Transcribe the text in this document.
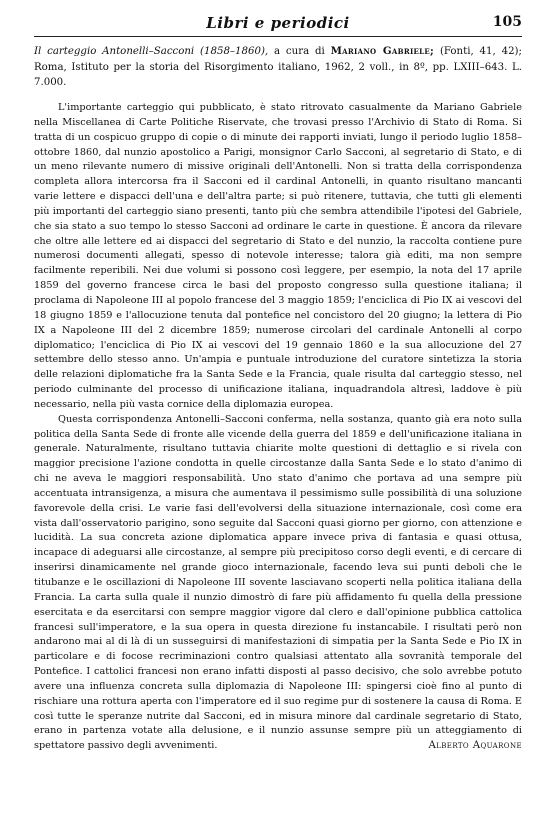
Libri e periodici	105
Il carteggio Antonelli–Sacconi (1858–1860), a cura di Mariano Gabriele; (Fonti, 41, 42); Roma, Istituto per la storia del Risorgimento italiano, 1962, 2 voll., in 8º, pp. LXIII–643. L. 7.000.

L'importante carteggio qui pubblicato, è stato ritrovato casualmente da Mariano Gabriele nella Miscellanea di Carte Politiche Riservate, che trovasi presso l'Archivio di Stato di Roma. Si tratta di un cospicuo gruppo di copie o di minute dei rapporti inviati, lungo il periodo luglio 1858–ottobre 1860, dal nunzio apostolico a Parigi, monsignor Carlo Sacconi, al segretario di Stato, e di un meno rilevante numero di missive originali dell'Antonelli. Non si tratta della corrispondenza completa allora intercorsa fra il Sacconi ed il cardinal Antonelli, in quanto risultano mancanti varie lettere e dispacci dell'una e dell'altra parte; si può ritenere, tuttavia, che tutti gli elementi più importanti del carteggio siano presenti, tanto più che sembra attendibile l'ipotesi del Gabriele, che sia stato a suo tempo lo stesso Sacconi ad ordinare le carte in questione. È ancora da rilevare che oltre alle lettere ed ai dispacci del segretario di Stato e del nunzio, la raccolta contiene pure numerosi documenti allegati, spesso di notevole interesse; talora già editi, ma non sempre facilmente reperibili. Nei due volumi si possono così leggere, per esempio, la nota del 17 aprile 1859 del governo francese circa le basi del proposto congresso sulla questione italiana; il proclama di Napoleone III al popolo francese del 3 maggio 1859; l'enciclica di Pio IX ai vescovi del 18 giugno 1859 e l'allocuzione tenuta dal pontefice nel concistoro del 20 giugno; la lettera di Pio IX a Napoleone III del 2 dicembre 1859; numerose circolari del cardinale Antonelli al corpo diplomatico; l'enciclica di Pio IX ai vescovi del 19 gennaio 1860 e la sua allocuzione del 27 settembre dello stesso anno. Un'ampia e puntuale introduzione del curatore sintetizza la storia delle relazioni diplomatiche fra la Santa Sede e la Francia, quale risulta dal carteggio stesso, nel periodo culminante del processo di unificazione italiana, inquadrandola altresì, laddove è più necessario, nella più vasta cornice della diplomazia europea.

Questa corrispondenza Antonelli–Sacconi conferma, nella sostanza, quanto già era noto sulla politica della Santa Sede di fronte alle vicende della guerra del 1859 e dell'unificazione italiana in generale. Naturalmente, risultano tuttavia chiarite molte questioni di dettaglio e si rivela con maggior precisione l'azione condotta in quelle circostanze dalla Santa Sede e lo stato d'animo di chi ne aveva le maggiori responsabilità. Uno stato d'animo che portava ad una sempre più accentuata intransigenza, a misura che aumentava il pessimismo sulle possibilità di una soluzione favorevole della crisi. Le varie fasi dell'evolversi della situazione internazionale, così come era vista dall'osservatorio parigino, sono seguite dal Sacconi quasi giorno per giorno, con attenzione e lucidità. La sua concreta azione diplomatica appare invece priva di fantasia e quasi ottusa, incapace di adeguarsi alle circostanze, al sempre più precipitoso corso degli eventi, e di cercare di inserirsi dinamicamente nel grande gioco internazionale, facendo leva sui punti deboli che le titubanze e le oscillazioni di Napoleone III sovente lasciavano scoperti nella politica italiana della Francia. La carta sulla quale il nunzio dimostrò di fare più affidamento fu quella della pressione esercitata e da esercitarsi con sempre maggior vigore dal clero e dall'opinione pubblica cattolica francesi sull'imperatore, e la sua opera in questa direzione fu instancabile. I risultati però non andarono mai al di là di un susseguirsi di manifestazioni di simpatia per la Santa Sede e Pio IX in particolare e di focose recriminazioni contro qualsiasi attentato alla sovranità temporale del Pontefice. I cattolici francesi non erano infatti disposti al passo decisivo, che solo avrebbe potuto avere una influenza concreta sulla diplomazia di Napoleone III: spingersi cioè fino al punto di rischiare una rottura aperta con l'imperatore ed il suo regime pur di sostenere la causa di Roma. E così tutte le speranze nutrite dal Sacconi, ed in misura minore dal cardinale segretario di Stato, erano in partenza votate alla delusione, e il nunzio assunse sempre più un atteggiamento di spettatore passivo degli avvenimenti.	Alberto Aquarone
